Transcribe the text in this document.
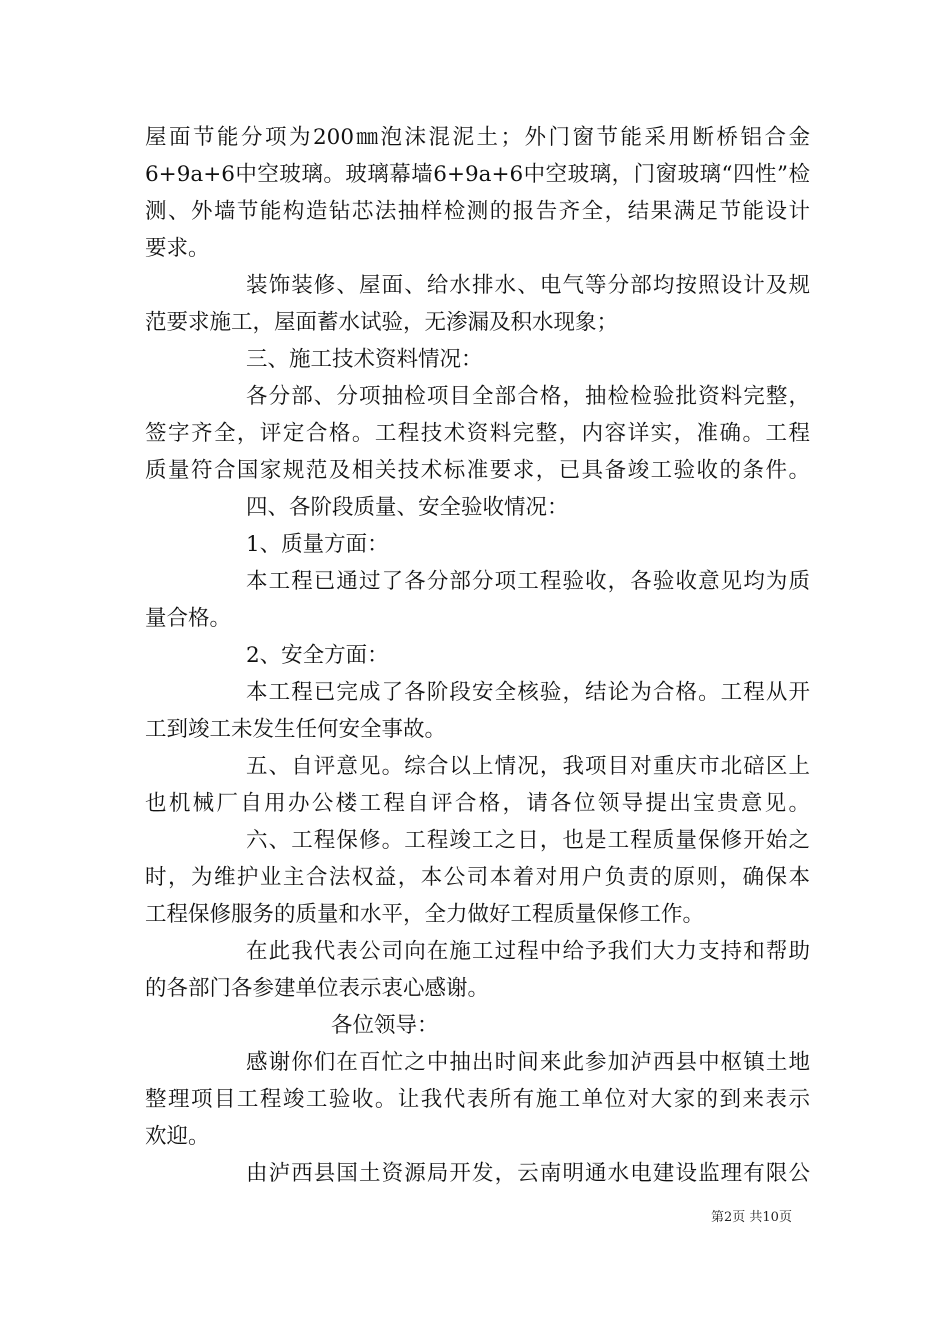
屋面节能分项为200㎜泡沫混泥土；外门窗节能采用断桥铝合金
6+9a+6中空玻璃。玻璃幕墙6+9a+6中空玻璃，门窗玻璃“四性”检
测、外墙节能构造钻芯法抽样检测的报告齐全，结果满足节能设计
要求。
装饰装修、屋面、给水排水、电气等分部均按照设计及规
范要求施工，屋面蓄水试验，无渗漏及积水现象；
三、施工技术资料情况：
各分部、分项抽检项目全部合格，抽检检验批资料完整，
签字齐全，评定合格。工程技术资料完整，内容详实，准确。工程
质量符合国家规范及相关技术标准要求，已具备竣工验收的条件。
四、各阶段质量、安全验收情况：
1、质量方面：
本工程已通过了各分部分项工程验收，各验收意见均为质
量合格。
2、安全方面：
本工程已完成了各阶段安全核验，结论为合格。工程从开
工到竣工未发生任何安全事故。
五、自评意见。综合以上情况，我项目对重庆市北碚区上
也机械厂自用办公楼工程自评合格，请各位领导提出宝贵意见。
六、工程保修。工程竣工之日，也是工程质量保修开始之
时，为维护业主合法权益，本公司本着对用户负责的原则，确保本
工程保修服务的质量和水平，全力做好工程质量保修工作。
在此我代表公司向在施工过程中给予我们大力支持和帮助
的各部门各参建单位表示衷心感谢。
各位领导：
感谢你们在百忙之中抽出时间来此参加泸西县中枢镇土地
整理项目工程竣工验收。让我代表所有施工单位对大家的到来表示
欢迎。
由泸西县国土资源局开发，云南明通水电建设监理有限公
第2页 共10页
